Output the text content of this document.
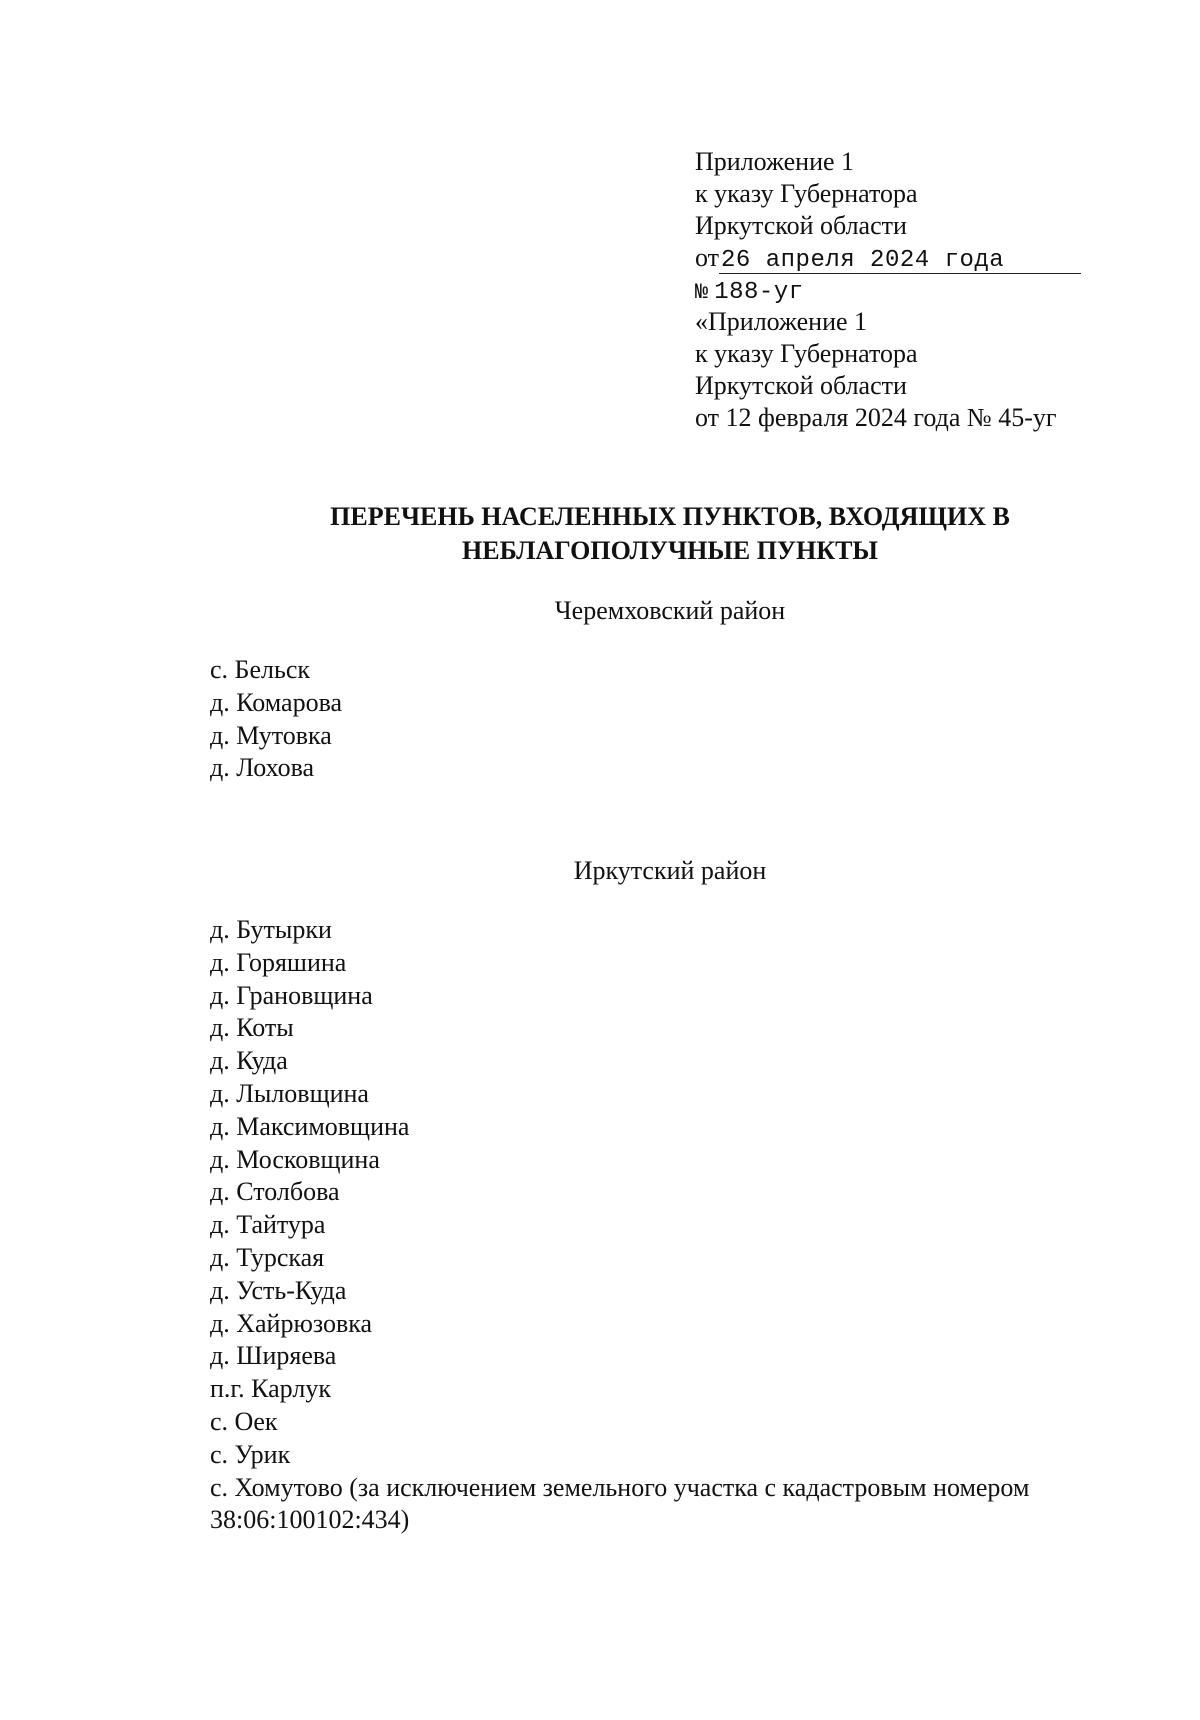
Приложение 1
к указу Губернатора
Иркутской области
от26 апреля 2024 года
№ 188-уг
«Приложение 1
к указу Губернатора
Иркутской области
от 12 февраля 2024 года № 45-уг
ПЕРЕЧЕНЬ НАСЕЛЕННЫХ ПУНКТОВ, ВХОДЯЩИХ В
НЕБЛАГОПОЛУЧНЫЕ ПУНКТЫ
Черемховский район
с. Бельск
д. Комарова
д. Мутовка
д. Лохова
Иркутский район
д. Бутырки
д. Горяшина
д. Грановщина
д. Коты
д. Куда
д. Лыловщина
д. Максимовщина
д. Московщина
д. Столбова
д. Тайтура
д. Турская
д. Усть-Куда
д. Хайрюзовка
д. Ширяева
п.г. Карлук
с. Оек
с. Урик
с. Хомутово (за исключением земельного участка с кадастровым номером
38:06:100102:434)
